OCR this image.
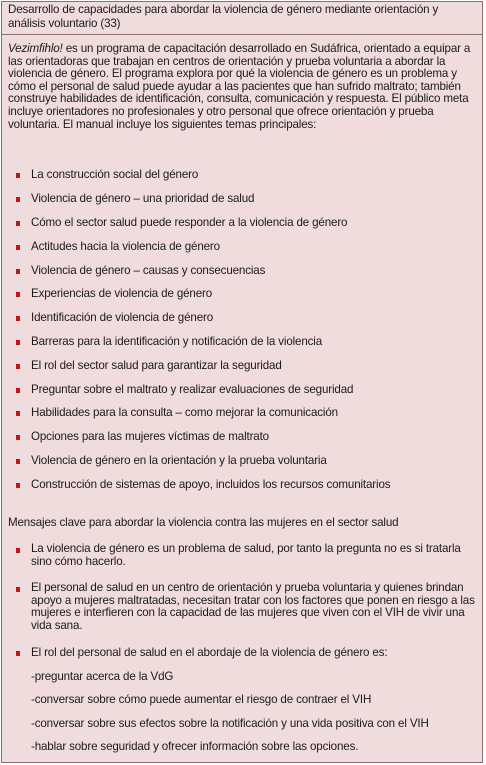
Desarrollo de capacidades para abordar la violencia de género mediante orientación y análisis voluntario (33)
Vezimfihlo! es un programa de capacitación desarrollado en Sudáfrica, orientado a equipar a las orientadoras que trabajan en centros de orientación y prueba voluntaria a abordar la violencia de género. El programa explora por qué la violencia de género es un problema y cómo el personal de salud puede ayudar a las pacientes que han sufrido maltrato; también construye habilidades de identificación, consulta, comunicación y respuesta. El público meta incluye orientadores no profesionales y otro personal que ofrece orientación y prueba voluntaria. El manual incluye los siguientes temas principales:
La construcción social del género
Violencia de género – una prioridad de salud
Cómo el sector salud puede responder a la violencia de género
Actitudes hacia la violencia de género
Violencia de género – causas y consecuencias
Experiencias de violencia de género
Identificación de violencia de género
Barreras para la identificación y notificación de la violencia
El rol del sector salud para garantizar la seguridad
Preguntar sobre el maltrato y realizar evaluaciones de seguridad
Habilidades para la consulta – como mejorar la comunicación
Opciones para las mujeres víctimas de maltrato
Violencia de género en la orientación y la prueba voluntaria
Construcción de sistemas de apoyo, incluidos los recursos comunitarios
Mensajes clave para abordar la violencia contra las mujeres en el sector salud
La violencia de género es un problema de salud, por tanto la pregunta no es si tratarla sino cómo hacerlo.
El personal de salud en un centro de orientación y prueba voluntaria y quienes brindan apoyo a mujeres maltratadas, necesitan tratar con los factores que ponen en riesgo a las mujeres e interfieren con la capacidad de las mujeres que viven con el VIH de vivir una vida sana.
El rol del personal de salud en el abordaje de la violencia de género es:
-preguntar acerca de la VdG
-conversar sobre cómo puede aumentar el riesgo de contraer el VIH
-conversar sobre sus efectos sobre la notificación y una vida positiva con el VIH
-hablar sobre seguridad y ofrecer información sobre las opciones.
